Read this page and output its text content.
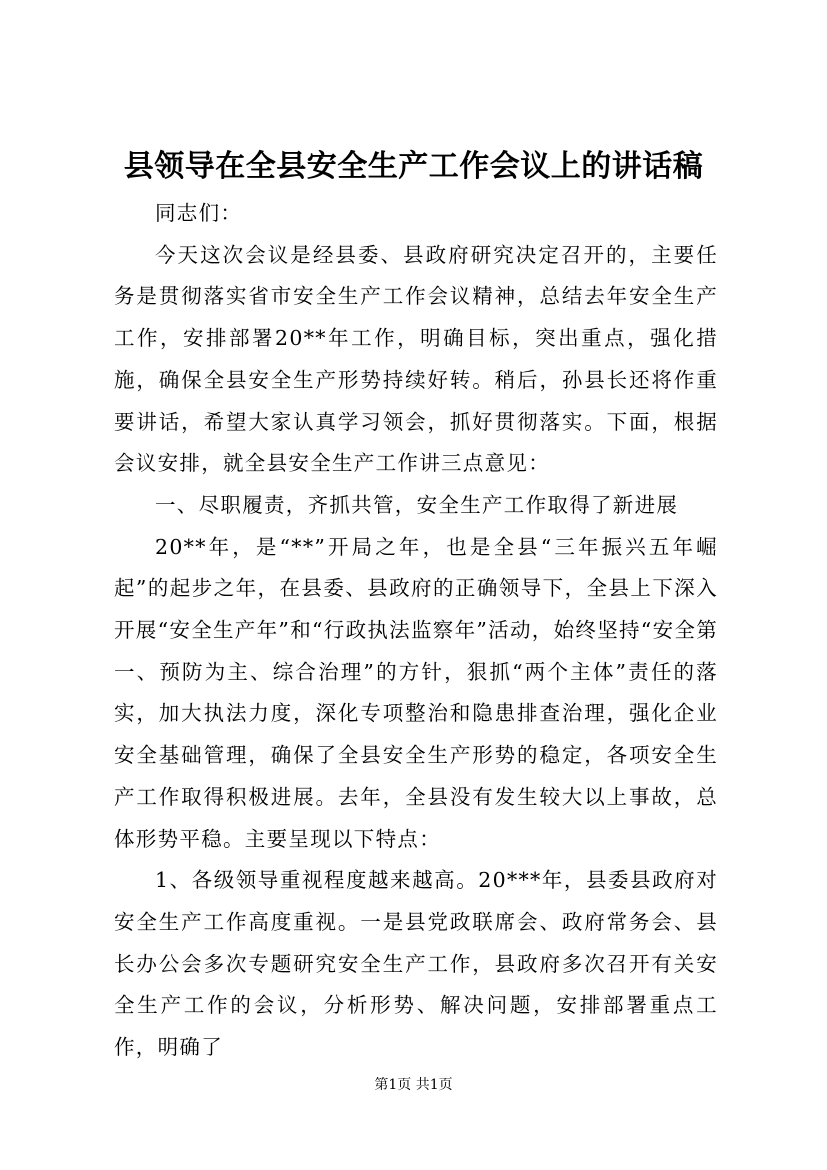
县领导在全县安全生产工作会议上的讲话稿

同志们：

今天这次会议是经县委、县政府研究决定召开的，主要任务是贯彻落实省市安全生产工作会议精神，总结去年安全生产工作，安排部署20**年工作，明确目标，突出重点，强化措施，确保全县安全生产形势持续好转。稍后，孙县长还将作重要讲话，希望大家认真学习领会，抓好贯彻落实。下面，根据会议安排，就全县安全生产工作讲三点意见：

一、尽职履责，齐抓共管，安全生产工作取得了新进展

20**年，是“**”开局之年，也是全县“三年振兴五年崛起”的起步之年，在县委、县政府的正确领导下，全县上下深入开展“安全生产年”和“行政执法监察年”活动，始终坚持“安全第一、预防为主、综合治理”的方针，狠抓“两个主体”责任的落实，加大执法力度，深化专项整治和隐患排查治理，强化企业安全基础管理，确保了全县安全生产形势的稳定，各项安全生产工作取得积极进展。去年，全县没有发生较大以上事故，总体形势平稳。主要呈现以下特点：

1、各级领导重视程度越来越高。20***年，县委县政府对安全生产工作高度重视。一是县党政联席会、政府常务会、县长办公会多次专题研究安全生产工作，县政府多次召开有关安全生产工作的会议，分析形势、解决问题，安排部署重点工作，明确了

第1页 共1页
